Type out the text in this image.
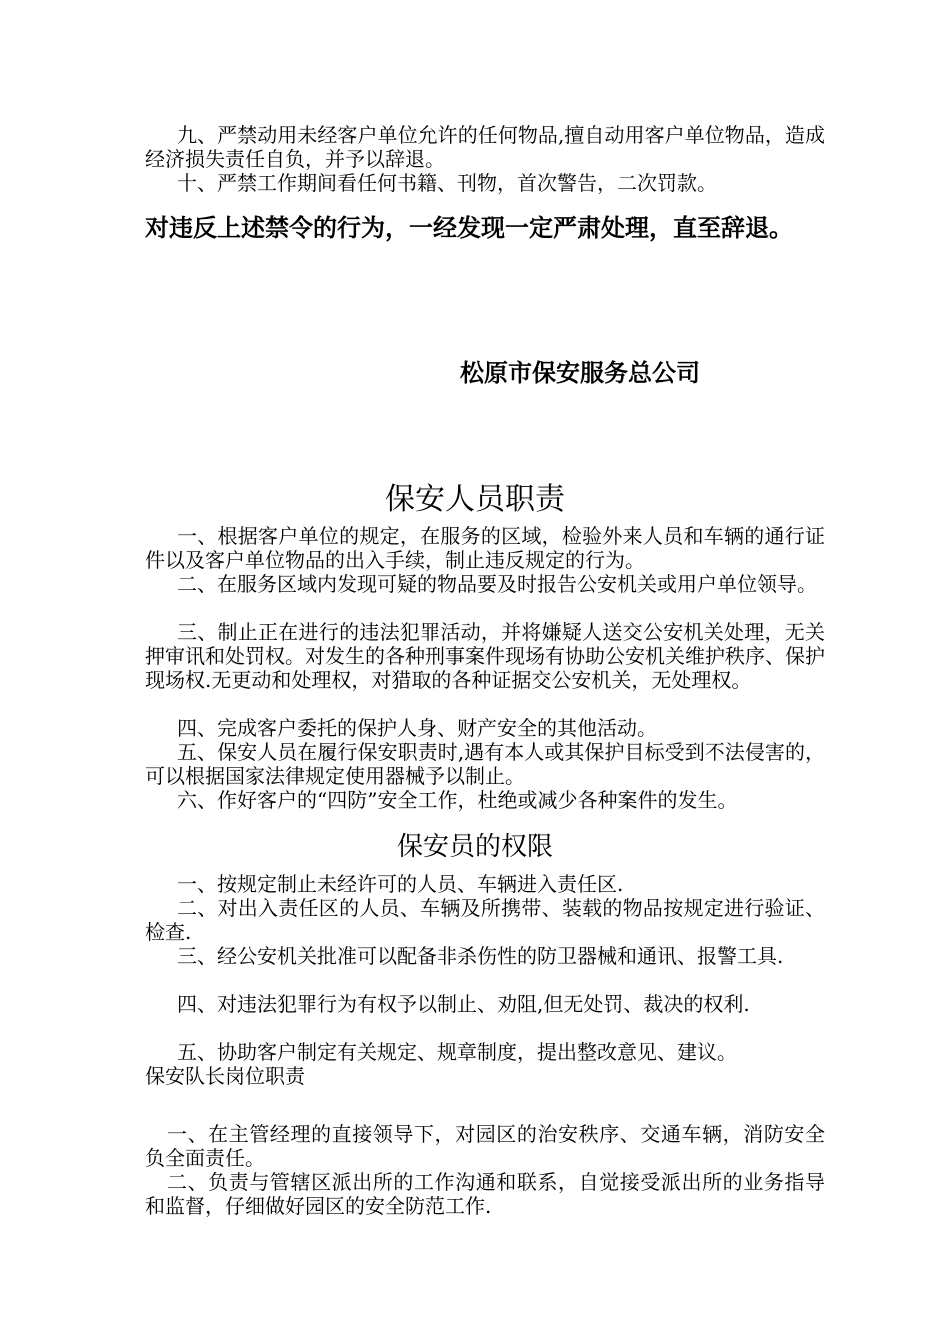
九、严禁动用未经客户单位允许的任何物品,擅自动用客户单位物品，造成经济损失责任自负，并予以辞退。

十、严禁工作期间看任何书籍、刊物，首次警告，二次罚款。

对违反上述禁令的行为，一经发现一定严肃处理，直至辞退。

松原市保安服务总公司

保安人员职责

一、根据客户单位的规定，在服务的区域，检验外来人员和车辆的通行证件以及客户单位物品的出入手续，制止违反规定的行为。

二、在服务区域内发现可疑的物品要及时报告公安机关或用户单位领导。

三、制止正在进行的违法犯罪活动，并将嫌疑人送交公安机关处理，无关押审讯和处罚权。对发生的各种刑事案件现场有协助公安机关维护秩序、保护现场权.无更动和处理权，对猎取的各种证据交公安机关，无处理权。

四、完成客户委托的保护人身、财产安全的其他活动。

五、保安人员在履行保安职责时,遇有本人或其保护目标受到不法侵害的，可以根据国家法律规定使用器械予以制止。

六、作好客户的“四防”安全工作，杜绝或减少各种案件的发生。

保安员的权限

一、按规定制止未经许可的人员、车辆进入责任区.

二、对出入责任区的人员、车辆及所携带、装载的物品按规定进行验证、检查.

三、经公安机关批准可以配备非杀伤性的防卫器械和通讯、报警工具.

四、对违法犯罪行为有权予以制止、劝阻,但无处罚、裁决的权利.

五、协助客户制定有关规定、规章制度，提出整改意见、建议。

保安队长岗位职责

一、在主管经理的直接领导下，对园区的治安秩序、交通车辆，消防安全负全面责任。

二、负责与管辖区派出所的工作沟通和联系，自觉接受派出所的业务指导和监督，仔细做好园区的安全防范工作.
